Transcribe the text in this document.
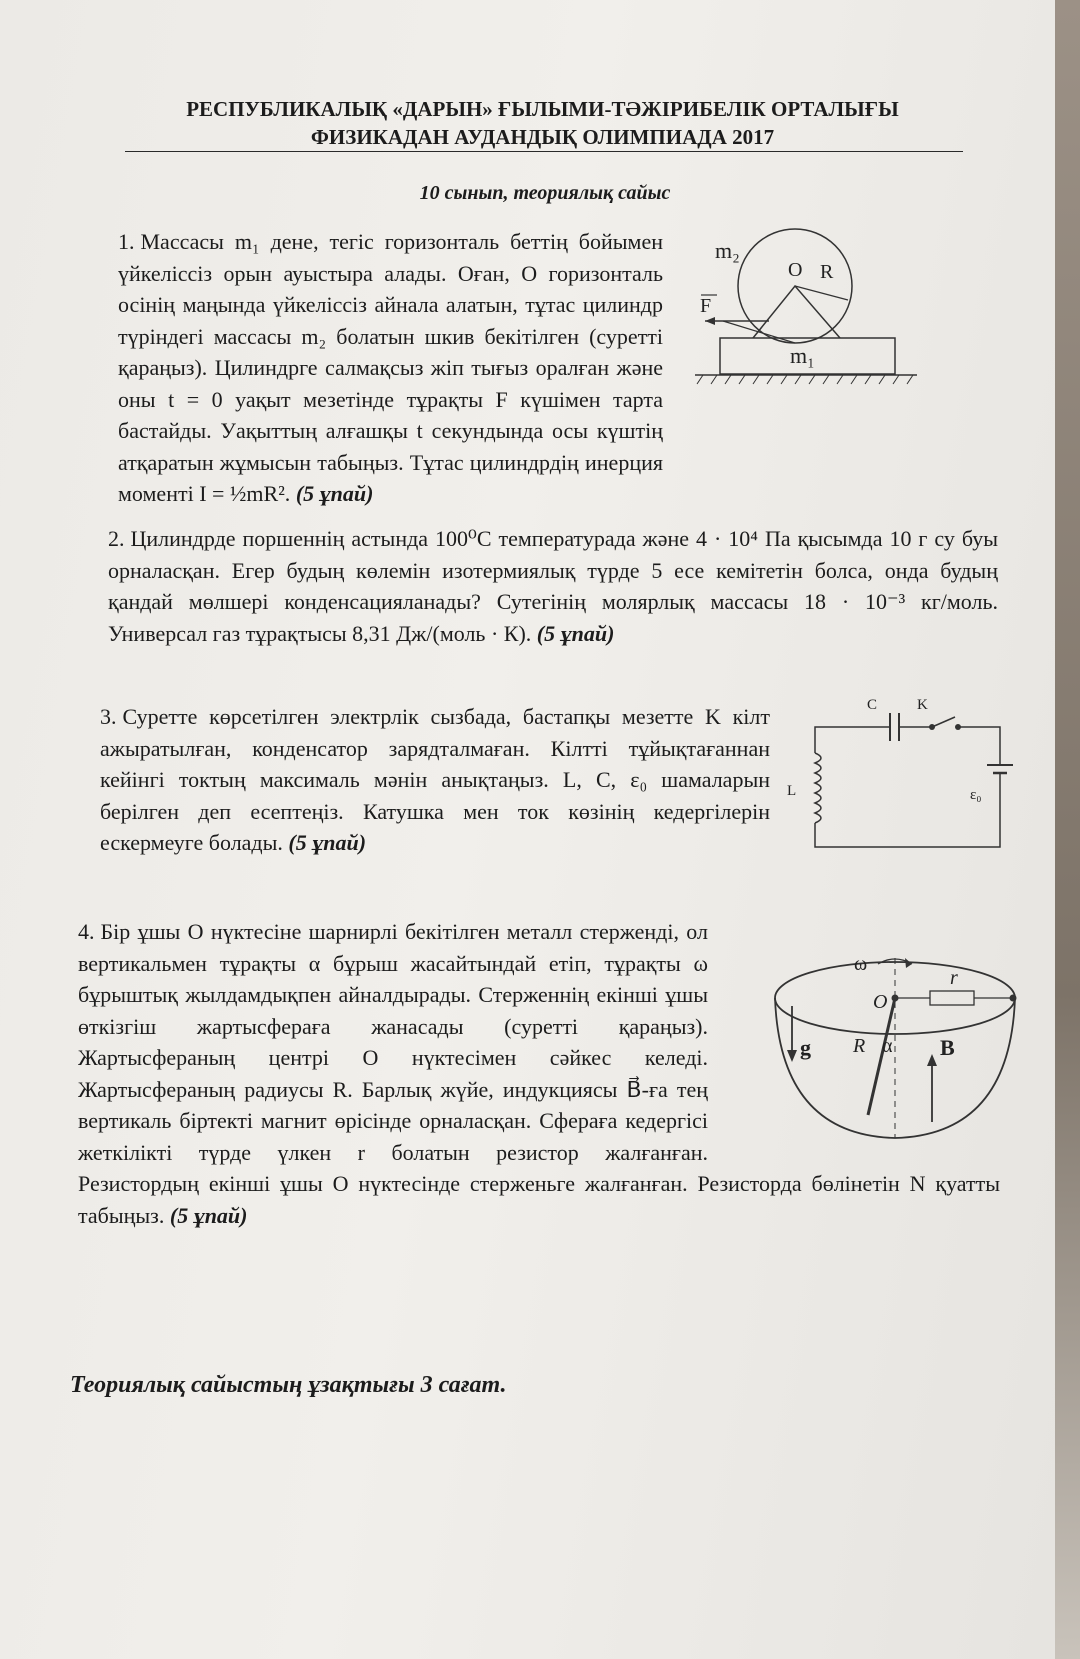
РЕСПУБЛИКАЛЫҚ «ДАРЫН» ҒЫЛЫМИ-ТӘЖІРИБЕЛІК ОРТАЛЫҒЫ
ФИЗИКАДАН АУДАНДЫҚ ОЛИМПИАДА 2017
10 сынып, теориялық сайыс
1. Массасы m₁ дене, тегіс горизонталь беттің бойымен үйкеліссіз орын ауыстыра алады. Оған, O горизонталь осінің маңында үйкеліссіз айнала алатын, тұтас цилиндр түріндегі массасы m₂ болатын шкив бекітілген (суретті қараңыз). Цилиндрге салмақсыз жіп тығыз оралған және оны t = 0 уақыт мезетінде тұрақты F күшімен тарта бастайды. Уақыттың алғашқы t секундында осы күштің атқаратын жұмысын табыңыз. Тұтас цилиндрдің инерция моменті I = ½mR². (5 ұпай)
m₂
O R
F
m₁
2. Цилиндрде поршеннің астында 100⁰С температурада және 4 · 10⁴ Па қысымда 10 г су буы орналасқан. Егер будың көлемін изотермиялық түрде 5 есе кемітетін болса, онда будың қандай мөлшері конденсацияланады? Сутегінің молярлық массасы 18 · 10⁻³ кг/моль. Универсал газ тұрақтысы 8,31 Дж/(моль · К). (5 ұпай)
3. Суретте көрсетілген электрлік сызбада, бастапқы мезетте K кілт ажыратылған, конденсатор зарядталмаған. Кілтті тұйықтағаннан кейінгі токтың максималь мәнін анықтаңыз. L, C, ε₀ шамаларын берілген деп есептеңіз. Катушка мен ток көзінің кедергілерін ескермеуге болады. (5 ұпай)
C	K
L	ε₀
4. Бір ұшы O нүктесіне шарнирлі бекітілген металл стерженді, ол вертикальмен тұрақты α бұрыш жасайтындай етіп, тұрақты ω бұрыштық жылдамдықпен айналдырады. Стерженнің екінші ұшы өткізгіш жартысфераға жанасады (суретті қараңыз). Жартысфераның центрі O нүктесімен сәйкес келеді. Жартысфераның радиусы R. Барлық жүйе, индукциясы B⃗-ға тең вертикаль біртекті магнит өрісінде орналасқан. Сфераға кедергісі жеткілікті түрде үлкен r болатын резистор жалғанған. Резистордың екінші ұшы O нүктесінде стерженьге жалғанған. Резисторда бөлінетін N қуатты табыңыз. (5 ұпай)
ω
O
r
g R α B
Теориялық сайыстың ұзақтығы 3 сағат.
